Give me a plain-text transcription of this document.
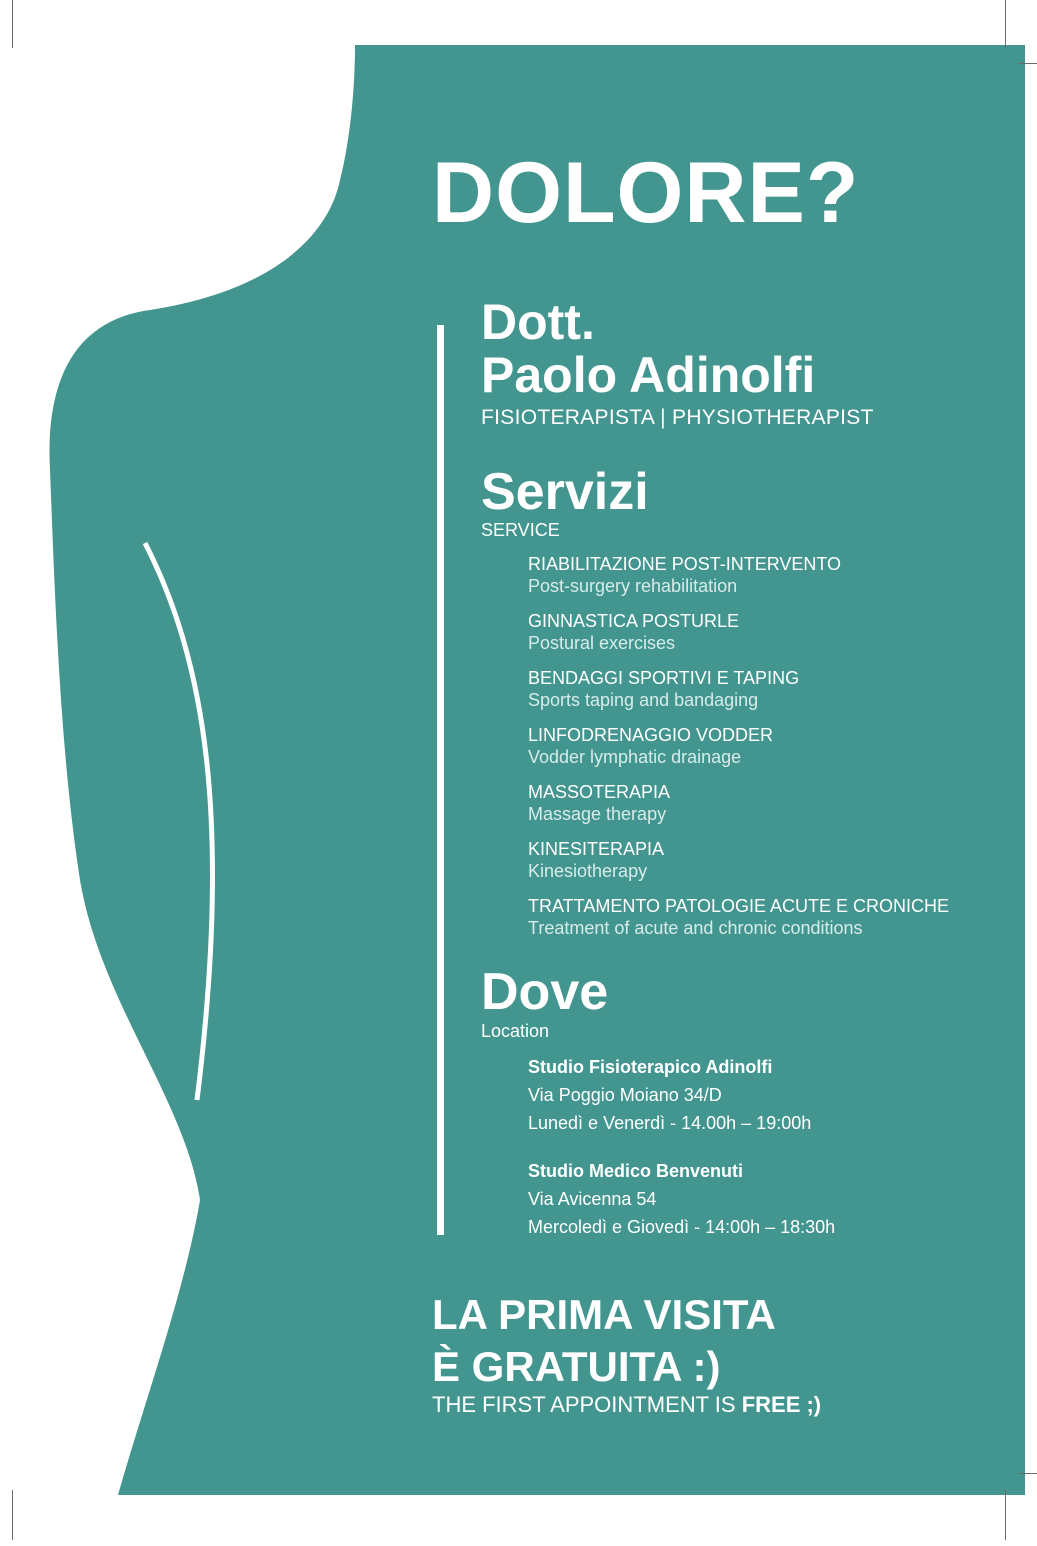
DOLORE?
Dott.
Paolo Adinolfi
FISIOTERAPISTA | PHYSIOTHERAPIST
Servizi
SERVICE
RIABILITAZIONE POST-INTERVENTO
Post-surgery rehabilitation
GINNASTICA POSTURLE
Postural exercises
BENDAGGI SPORTIVI E TAPING
Sports taping and bandaging
LINFODRENAGGIO VODDER
Vodder lymphatic drainage
MASSOTERAPIA
Massage therapy
KINESITERAPIA
Kinesiotherapy
TRATTAMENTO PATOLOGIE ACUTE E CRONICHE
Treatment of acute and chronic conditions
Dove
Location
Studio Fisioterapico Adinolfi
Via Poggio Moiano 34/D
Lunedì e Venerdì - 14.00h – 19:00h
Studio Medico Benvenuti
Via Avicenna 54
Mercoledì e Giovedì - 14:00h – 18:30h
LA PRIMA VISITA
È GRATUITA :)
THE FIRST APPOINTMENT IS FREE ;)
